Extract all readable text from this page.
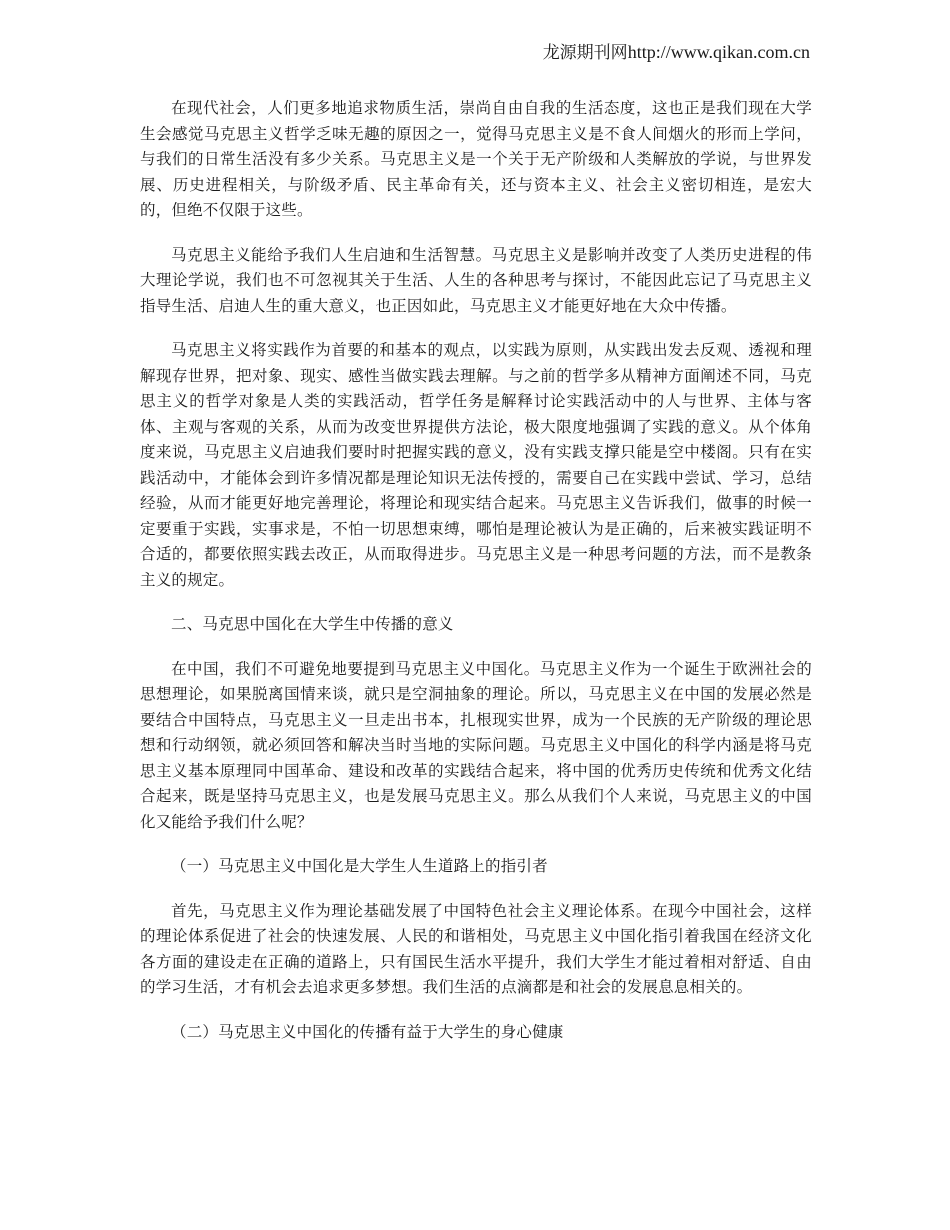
龙源期刊网http://www.qikan.com.cn

在现代社会，人们更多地追求物质生活，崇尚自由自我的生活态度，这也正是我们现在大学生会感觉马克思主义哲学乏味无趣的原因之一，觉得马克思主义是不食人间烟火的形而上学问，与我们的日常生活没有多少关系。马克思主义是一个关于无产阶级和人类解放的学说，与世界发展、历史进程相关，与阶级矛盾、民主革命有关，还与资本主义、社会主义密切相连，是宏大的，但绝不仅限于这些。

马克思主义能给予我们人生启迪和生活智慧。马克思主义是影响并改变了人类历史进程的伟大理论学说，我们也不可忽视其关于生活、人生的各种思考与探讨，不能因此忘记了马克思主义指导生活、启迪人生的重大意义，也正因如此，马克思主义才能更好地在大众中传播。

马克思主义将实践作为首要的和基本的观点，以实践为原则，从实践出发去反观、透视和理解现存世界，把对象、现实、感性当做实践去理解。与之前的哲学多从精神方面阐述不同，马克思主义的哲学对象是人类的实践活动，哲学任务是解释讨论实践活动中的人与世界、主体与客体、主观与客观的关系，从而为改变世界提供方法论，极大限度地强调了实践的意义。从个体角度来说，马克思主义启迪我们要时时把握实践的意义，没有实践支撑只能是空中楼阁。只有在实践活动中，才能体会到许多情况都是理论知识无法传授的，需要自己在实践中尝试、学习，总结经验，从而才能更好地完善理论，将理论和现实结合起来。马克思主义告诉我们，做事的时候一定要重于实践，实事求是，不怕一切思想束缚，哪怕是理论被认为是正确的，后来被实践证明不合适的，都要依照实践去改正，从而取得进步。马克思主义是一种思考问题的方法，而不是教条主义的规定。

二、马克思中国化在大学生中传播的意义

在中国，我们不可避免地要提到马克思主义中国化。马克思主义作为一个诞生于欧洲社会的思想理论，如果脱离国情来谈，就只是空洞抽象的理论。所以，马克思主义在中国的发展必然是要结合中国特点，马克思主义一旦走出书本，扎根现实世界，成为一个民族的无产阶级的理论思想和行动纲领，就必须回答和解决当时当地的实际问题。马克思主义中国化的科学内涵是将马克思主义基本原理同中国革命、建设和改革的实践结合起来，将中国的优秀历史传统和优秀文化结合起来，既是坚持马克思主义，也是发展马克思主义。那么从我们个人来说，马克思主义的中国化又能给予我们什么呢？

（一）马克思主义中国化是大学生人生道路上的指引者

首先，马克思主义作为理论基础发展了中国特色社会主义理论体系。在现今中国社会，这样的理论体系促进了社会的快速发展、人民的和谐相处，马克思主义中国化指引着我国在经济文化各方面的建设走在正确的道路上，只有国民生活水平提升，我们大学生才能过着相对舒适、自由的学习生活，才有机会去追求更多梦想。我们生活的点滴都是和社会的发展息息相关的。

（二）马克思主义中国化的传播有益于大学生的身心健康
